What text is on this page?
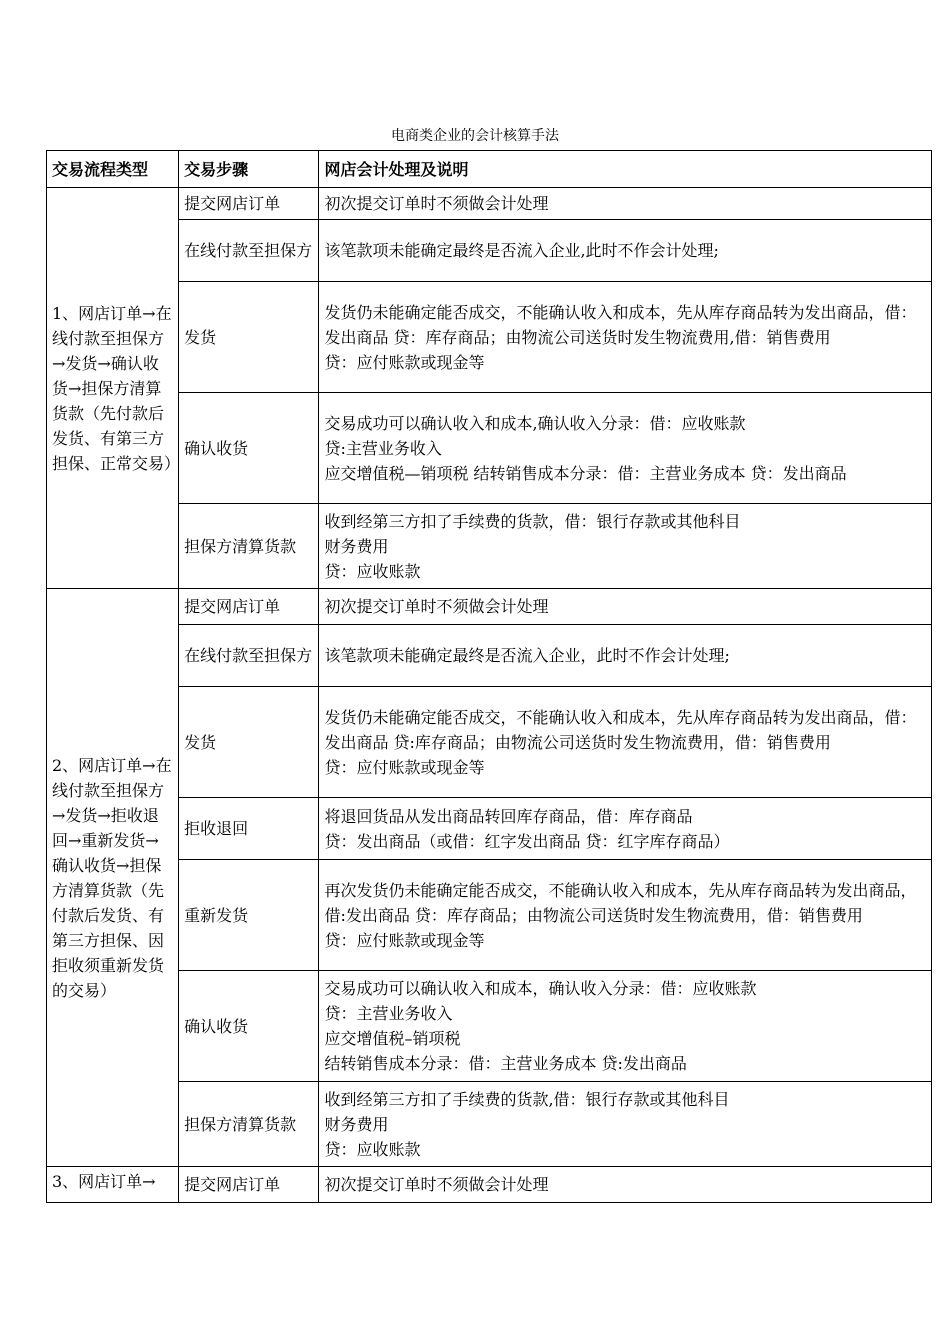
电商类企业的会计核算手法
交易流程类型	交易步骤	网店会计处理及说明
1、网店订单→在线付款至担保方→发货→确认收货→担保方清算货款（先付款后发货、有第三方担保、正常交易）	提交网店订单	初次提交订单时不须做会计处理

	在线付款至担保方	该笔款项未能确定最终是否流入企业,此时不作会计处理;

	发货	发货仍未能确定能否成交，不能确认收入和成本，先从库存商品转为发出商品，借：发出商品 贷：库存商品；由物流公司送货时发生物流费用,借：销售费用
贷：应付账款或现金等

	确认收货	交易成功可以确认收入和成本,确认收入分录：借：应收账款
贷:主营业务收入
应交增值税—销项税 结转销售成本分录：借：主营业务成本 贷：发出商品

	担保方清算货款	收到经第三方扣了手续费的货款，借：银行存款或其他科目
财务费用
贷：应收账款

2、网店订单→在线付款至担保方→发货→拒收退回→重新发货→确认收货→担保方清算货款（先付款后发货、有第三方担保、因拒收须重新发货的交易）	提交网店订单	初次提交订单时不须做会计处理

	在线付款至担保方	该笔款项未能确定最终是否流入企业，此时不作会计处理;

	发货	发货仍未能确定能否成交，不能确认收入和成本，先从库存商品转为发出商品，借：发出商品 贷:库存商品；由物流公司送货时发生物流费用，借：销售费用
贷：应付账款或现金等

	拒收退回	将退回货品从发出商品转回库存商品，借：库存商品
贷：发出商品（或借：红字发出商品 贷：红字库存商品）

	重新发货	再次发货仍未能确定能否成交，不能确认收入和成本，先从库存商品转为发出商品，借:发出商品 贷：库存商品；由物流公司送货时发生物流费用，借：销售费用
贷：应付账款或现金等

	确认收货	交易成功可以确认收入和成本，确认收入分录：借：应收账款
贷：主营业务收入
应交增值税–销项税
结转销售成本分录：借：主营业务成本 贷:发出商品

	担保方清算货款	收到经第三方扣了手续费的货款,借：银行存款或其他科目
财务费用
贷：应收账款

3、网店订单→	提交网店订单	初次提交订单时不须做会计处理
